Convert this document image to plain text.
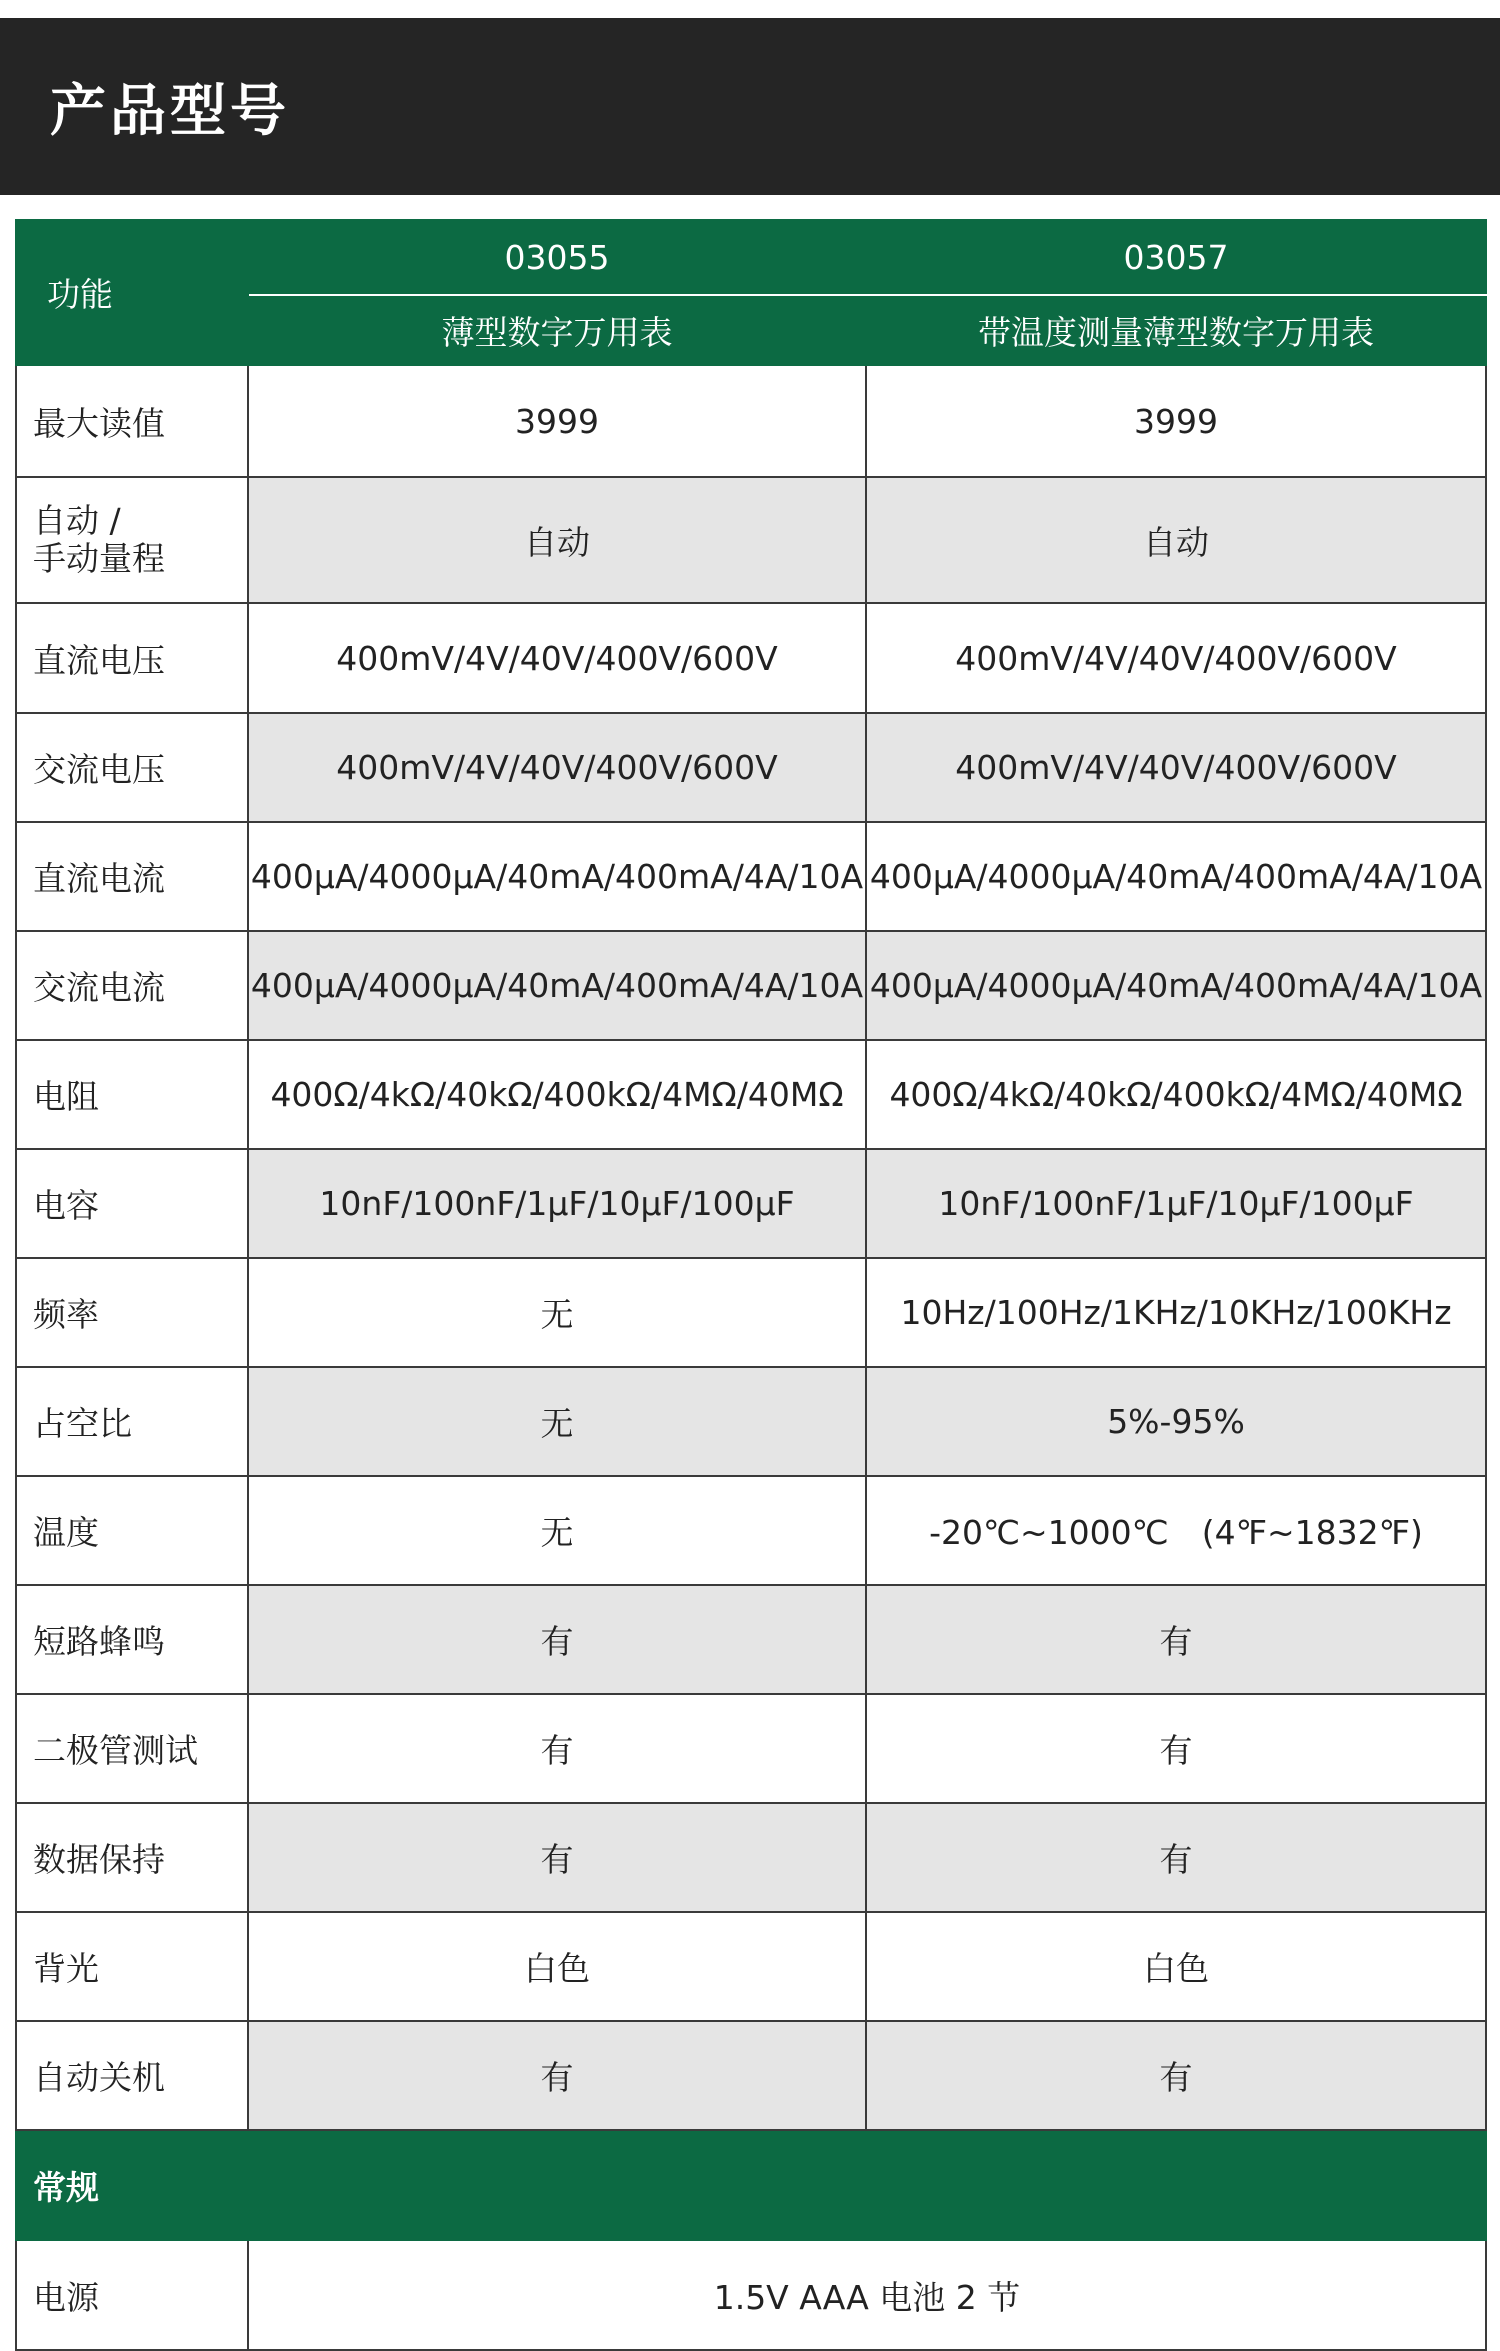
产品型号
功能	03055	03057
	薄型数字万用表	带温度测量薄型数字万用表
最大读值	3999	3999

自动 /
手动量程	自动	自动
直流电压	400mV/4V/40V/400V/600V	400mV/4V/40V/400V/600V
交流电压	400mV/4V/40V/400V/600V	400mV/4V/40V/400V/600V
直流电流	400μA/4000μA/40mA/400mA/4A/10A	400μA/4000μA/40mA/400mA/4A/10A
交流电流	400μA/4000μA/40mA/400mA/4A/10A	400μA/4000μA/40mA/400mA/4A/10A
电阻	400Ω/4kΩ/40kΩ/400kΩ/4MΩ/40MΩ	400Ω/4kΩ/40kΩ/400kΩ/4MΩ/40MΩ
电容	10nF/100nF/1μF/10μF/100μF	10nF/100nF/1μF/10μF/100μF
频率	无	10Hz/100Hz/1KHz/10KHz/100KHz
占空比	无	5%-95%
温度	无	-20℃~1000℃　(4℉~1832℉)
短路蜂鸣	有	有
二极管测试	有	有
数据保持	有	有
背光	白色	白色
自动关机	有	有
常规		
电源	1.5V AAA 电池 2 节	
